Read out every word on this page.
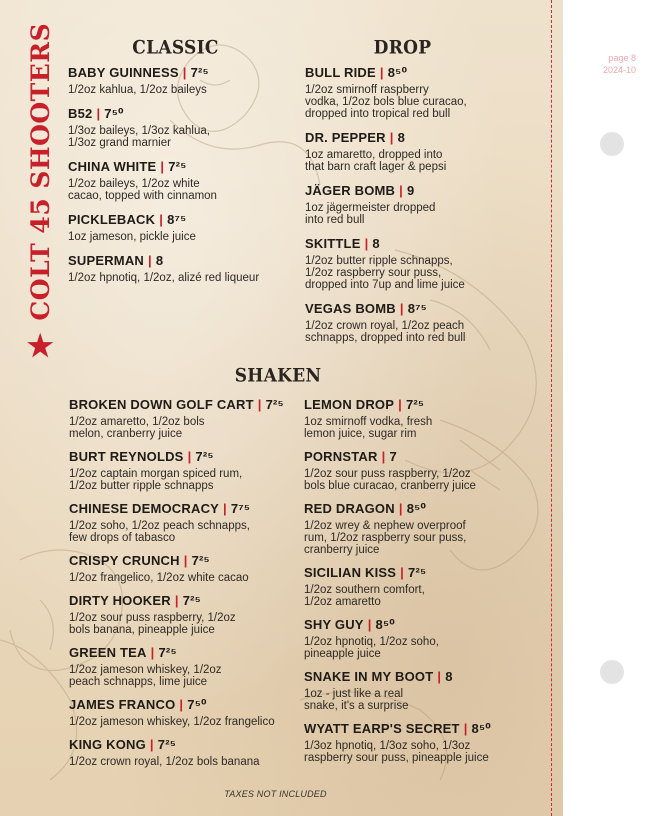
★
COLT 45 SHOOTERS	CLASSIC	DROP
SHAKEN
BABY GUINNESS | 7²⁵
1/2oz kahlua, 1/2oz baileys
B52 | 7⁵⁰
1/3oz baileys, 1/3oz kahlua,
1/3oz grand marnier
CHINA WHITE | 7²⁵
1/2oz baileys, 1/2oz white
cacao, topped with cinnamon
PICKLEBACK | 8⁷⁵
1oz jameson, pickle juice
SUPERMAN | 8
1/2oz hpnotiq, 1/2oz, alizé red liqueur
BULL RIDE | 8⁵⁰
1/2oz smirnoff raspberry
vodka, 1/2oz bols blue curacao,
dropped into tropical red bull
DR. PEPPER | 8
1oz amaretto, dropped into
that barn craft lager & pepsi
JÄGER BOMB | 9
1oz jägermeister dropped
into red bull
SKITTLE | 8
1/2oz butter ripple schnapps,
1/2oz raspberry sour puss,
dropped into 7up and lime juice
VEGAS BOMB | 8⁷⁵
1/2oz crown royal, 1/2oz peach
schnapps, dropped into red bull
BROKEN DOWN GOLF CART | 7²⁵
1/2oz amaretto, 1/2oz bols
melon, cranberry juice
BURT REYNOLDS | 7²⁵
1/2oz captain morgan spiced rum,
1/2oz butter ripple schnapps
CHINESE DEMOCRACY | 7⁷⁵
1/2oz soho, 1/2oz peach schnapps,
few drops of tabasco
CRISPY CRUNCH | 7²⁵
1/2oz frangelico, 1/2oz white cacao
DIRTY HOOKER | 7²⁵
1/2oz sour puss raspberry, 1/2oz
bols banana, pineapple juice
GREEN TEA | 7²⁵
1/2oz jameson whiskey, 1/2oz
peach schnapps, lime juice
JAMES FRANCO | 7⁵⁰
1/2oz jameson whiskey, 1/2oz frangelico
KING KONG | 7²⁵
1/2oz crown royal, 1/2oz bols banana
LEMON DROP | 7²⁵
1oz smirnoff vodka, fresh
lemon juice, sugar rim
PORNSTAR | 7
1/2oz sour puss raspberry, 1/2oz
bols blue curacao, cranberry juice
RED DRAGON | 8⁵⁰
1/2oz wrey & nephew overproof
rum, 1/2oz raspberry sour puss,
cranberry juice
SICILIAN KISS | 7²⁵
1/2oz southern comfort,
1/2oz amaretto
SHY GUY | 8⁵⁰
1/2oz hpnotiq, 1/2oz soho,
pineapple juice
SNAKE IN MY BOOT | 8
1oz - just like a real
snake, it's a surprise
WYATT EARP'S SECRET | 8⁵⁰
1/3oz hpnotiq, 1/3oz soho, 1/3oz
raspberry sour puss, pineapple juice
TAXES NOT INCLUDED
page 8
2024-10
